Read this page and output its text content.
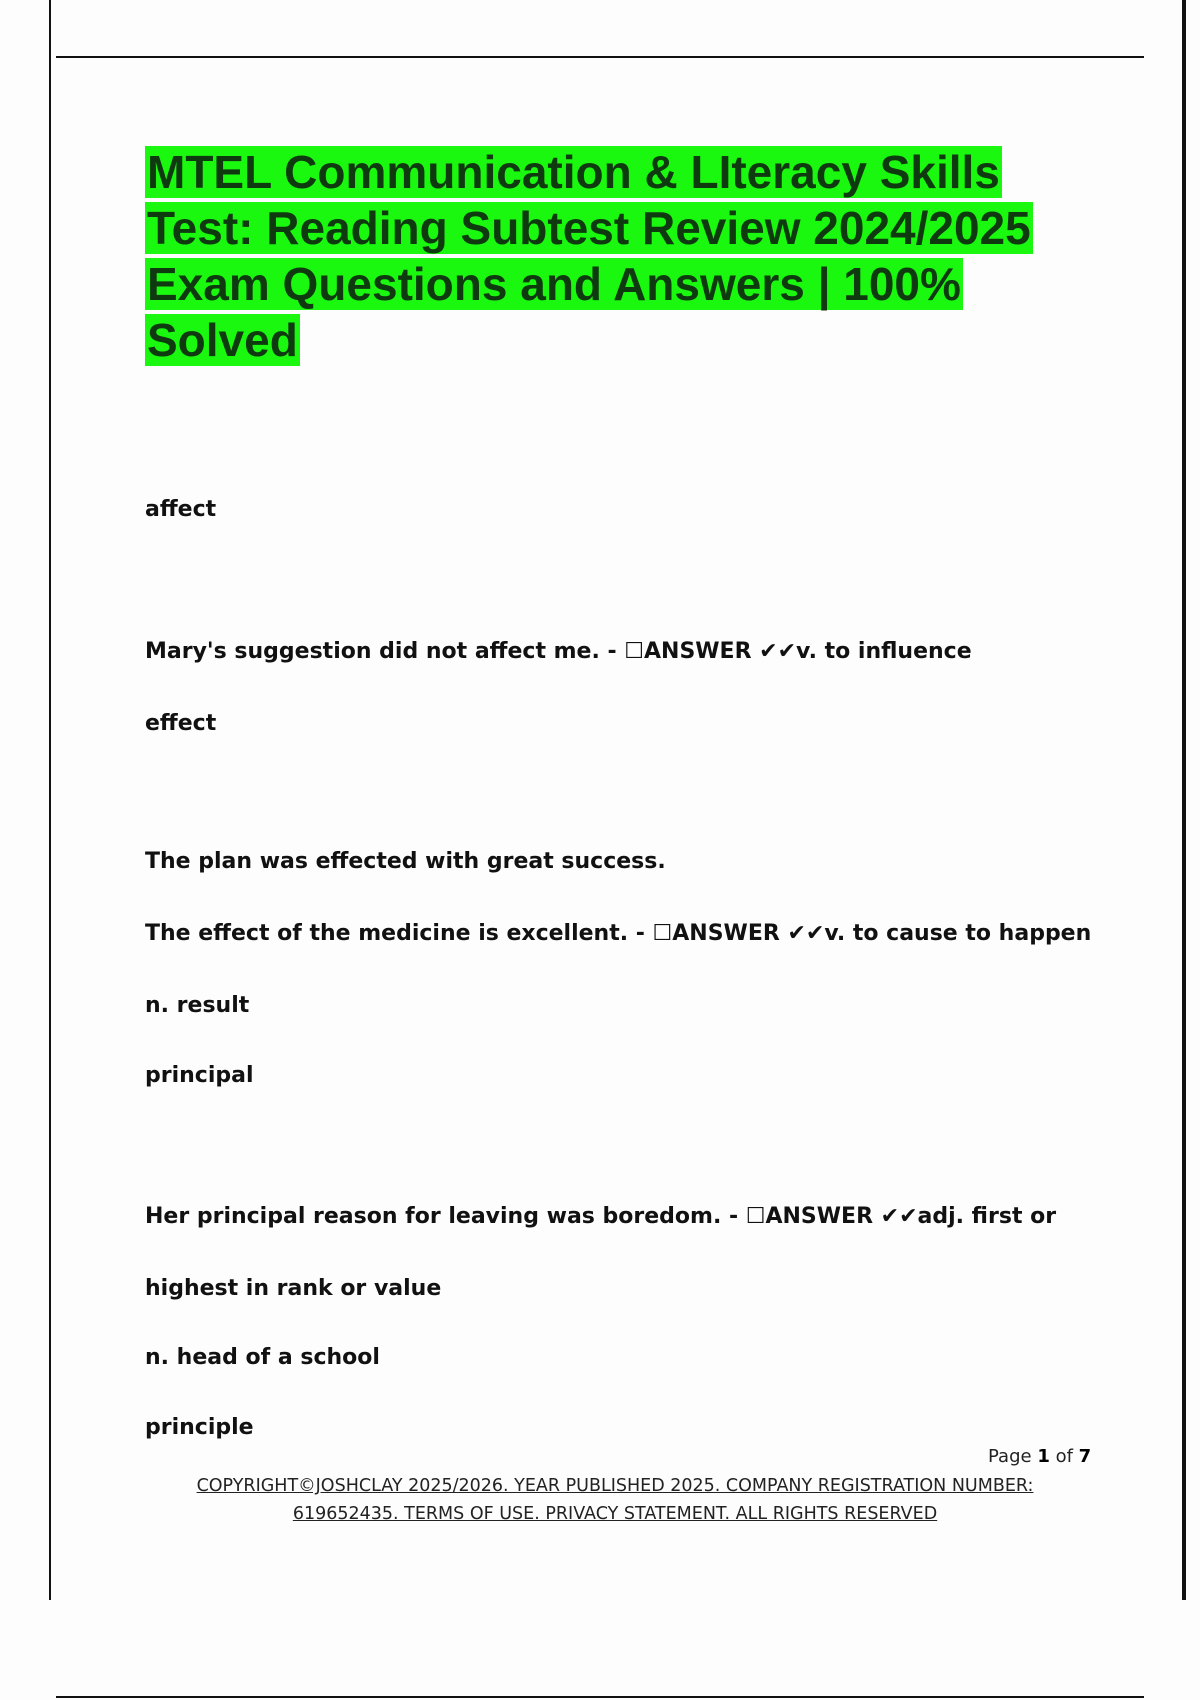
MTEL Communication & LIteracy Skills Test: Reading Subtest Review 2024/2025 Exam Questions and Answers | 100% Solved

affect

Mary's suggestion did not affect me. - ☐ANSWER ✔✔v. to influence

effect

The plan was effected with great success.

The effect of the medicine is excellent. - ☐ANSWER ✔✔v. to cause to happen

n. result

principal

Her principal reason for leaving was boredom. - ☐ANSWER ✔✔adj. first or

highest in rank or value

n. head of a school

principle

Page 1 of 7
COPYRIGHT©JOSHCLAY 2025/2026. YEAR PUBLISHED 2025. COMPANY REGISTRATION NUMBER:
619652435. TERMS OF USE. PRIVACY STATEMENT. ALL RIGHTS RESERVED
